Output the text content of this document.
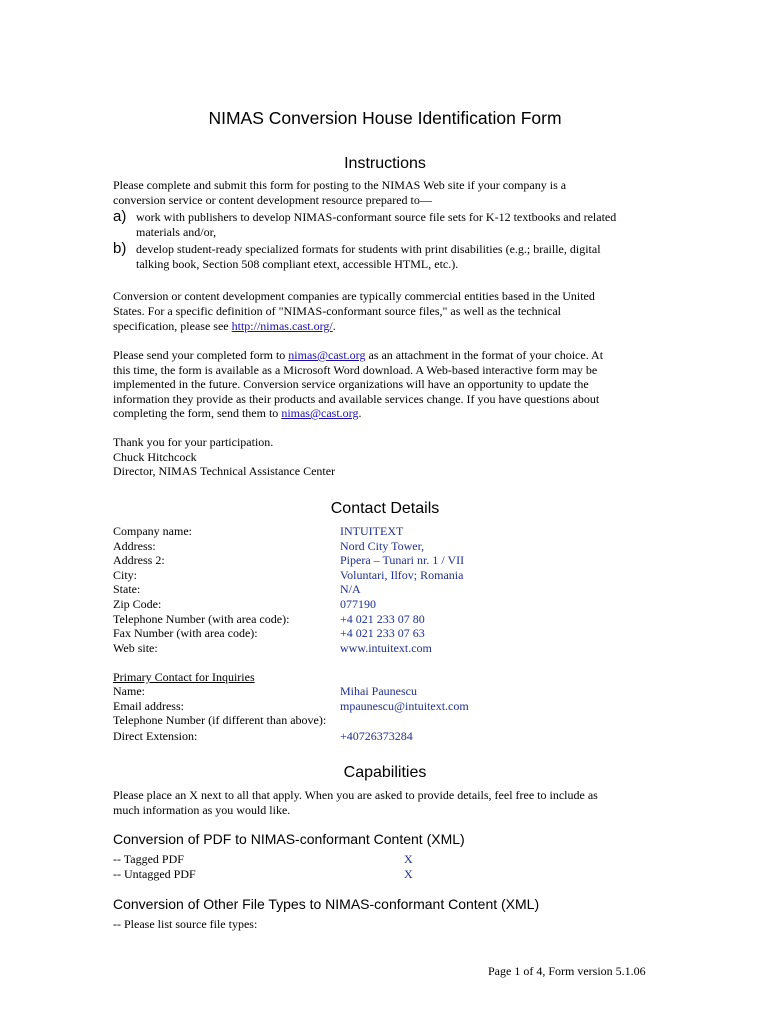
NIMAS Conversion House Identification Form
Instructions
Please complete and submit this form for posting to the NIMAS Web site if your company is a
conversion service or content development resource prepared to—
a) work with publishers to develop NIMAS-conformant source file sets for K-12 textbooks and related
materials and/or,
b) develop student-ready specialized formats for students with print disabilities (e.g.; braille, digital
talking book, Section 508 compliant etext, accessible HTML, etc.).
Conversion or content development companies are typically commercial entities based in the United
States. For a specific definition of "NIMAS-conformant source files," as well as the technical
specification, please see http://nimas.cast.org/.
Please send your completed form to nimas@cast.org as an attachment in the format of your choice. At
this time, the form is available as a Microsoft Word download. A Web-based interactive form may be
implemented in the future. Conversion service organizations will have an opportunity to update the
information they provide as their products and available services change. If you have questions about
completing the form, send them to nimas@cast.org.
Thank you for your participation.
Chuck Hitchcock
Director, NIMAS Technical Assistance Center
Contact Details
Company name:	INTUITEXT
Address:	Nord City Tower,
Address 2:	Pipera – Tunari nr. 1 / VII
City:	Voluntari, Ilfov; Romania
State:	N/A
Zip Code:	077190
Telephone Number (with area code):	+4 021 233 07 80
Fax Number (with area code):	+4 021 233 07 63
Web site:	www.intuitext.com
Primary Contact for Inquiries
Name:	Mihai Paunescu
Email address:	mpaunescu@intuitext.com
Telephone Number (if different than above):
Direct Extension:	+40726373284
Capabilities
Please place an X next to all that apply. When you are asked to provide details, feel free to include as
much information as you would like.
Conversion of PDF to NIMAS-conformant Content (XML)
-- Tagged PDF	X
-- Untagged PDF	X
Conversion of Other File Types to NIMAS-conformant Content (XML)
-- Please list source file types:
Page 1 of 4, Form version 5.1.06
